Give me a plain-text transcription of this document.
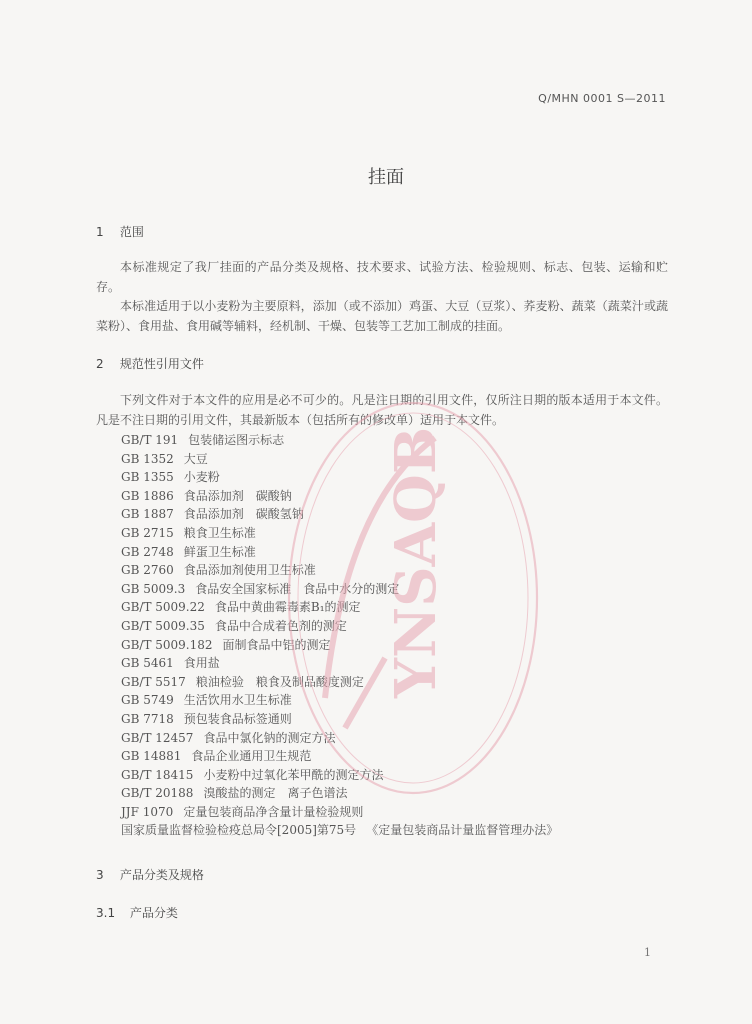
Q/MHN 0001 S—2011
挂面
1 范围

本标准规定了我厂挂面的产品分类及规格、技术要求、试验方法、检验规则、标志、包装、运输和贮存。

本标准适用于以小麦粉为主要原料，添加（或不添加）鸡蛋、大豆（豆浆）、荞麦粉、蔬菜（蔬菜汁或蔬菜粉）、食用盐、食用碱等辅料，经机制、干燥、包装等工艺加工制成的挂面。

2 规范性引用文件

下列文件对于本文件的应用是必不可少的。凡是注日期的引用文件，仅所注日期的版本适用于本文件。凡是不注日期的引用文件，其最新版本（包括所有的修改单）适用于本文件。

GB/T 191 包装储运图示标志
GB 1352 大豆
GB 1355 小麦粉
GB 1886 食品添加剂　碳酸钠
GB 1887 食品添加剂　碳酸氢钠
GB 2715 粮食卫生标准
GB 2748 鲜蛋卫生标准
GB 2760 食品添加剂使用卫生标准
GB 5009.3 食品安全国家标准　食品中水分的测定
GB/T 5009.22 食品中黄曲霉毒素B₁的测定
GB/T 5009.35 食品中合成着色剂的测定
GB/T 5009.182 面制食品中铝的测定
GB 5461 食用盐
GB/T 5517 粮油检验　粮食及制品酸度测定
GB 5749 生活饮用水卫生标准
GB 7718 预包装食品标签通则
GB/T 12457 食品中氯化钠的测定方法
GB 14881 食品企业通用卫生规范
GB/T 18415 小麦粉中过氧化苯甲酰的测定方法
GB/T 20188 溴酸盐的测定　离子色谱法
JJF 1070 定量包装商品净含量计量检验规则
国家质量监督检验检疫总局令[2005]第75号 《定量包装商品计量监督管理办法》
3 产品分类及规格
3.1 产品分类
YNSAQB
1
